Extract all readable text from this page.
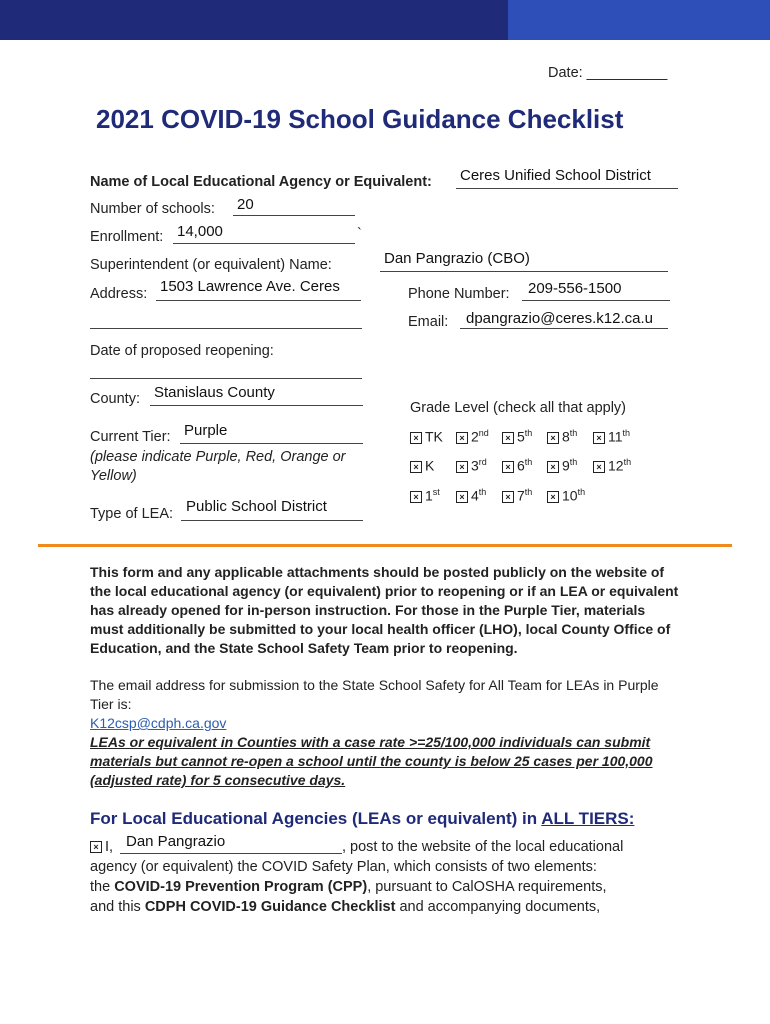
Date: __________
2021 COVID-19 School Guidance Checklist
Name of Local Educational Agency or Equivalent: Ceres Unified School District
Number of schools: 20
Enrollment: 14,000	`
Superintendent (or equivalent) Name:	Dan Pangrazio (CBO)
Address: 1503 Lawrence Ave. Ceres	Phone Number: 209-556-1500
Email: dpangrazio@ceres.k12.ca.u
Date of proposed reopening:
County: Stanislaus County
Grade Level (check all that apply)
Current Tier: Purple
(please indicate Purple, Red, Orange or
Yellow)
× TK	× 2nd	× 5th	× 8th	× 11th
× K	× 3rd	× 6th	× 9th	× 12th
× 1st	× 4th	× 7th	× 10th
Type of LEA: Public School District
This form and any applicable attachments should be posted publicly on the website of the local educational agency (or equivalent) prior to reopening or if an LEA or equivalent has already opened for in-person instruction. For those in the Purple Tier, materials must additionally be submitted to your local health officer (LHO), local County Office of Education, and the State School Safety Team prior to reopening.
The email address for submission to the State School Safety for All Team for LEAs in Purple Tier is:
K12csp@cdph.ca.gov
LEAs or equivalent in Counties with a case rate >=25/100,000 individuals can submit materials but cannot re-open a school until the county is below 25 cases per 100,000 (adjusted rate) for 5 consecutive days.
For Local Educational Agencies (LEAs or equivalent) in ALL TIERS:
× I, Dan Pangrazio	, post to the website of the local educational
agency (or equivalent) the COVID Safety Plan, which consists of two elements:
the COVID-19 Prevention Program (CPP), pursuant to CalOSHA requirements,
and this CDPH COVID-19 Guidance Checklist and accompanying documents,
